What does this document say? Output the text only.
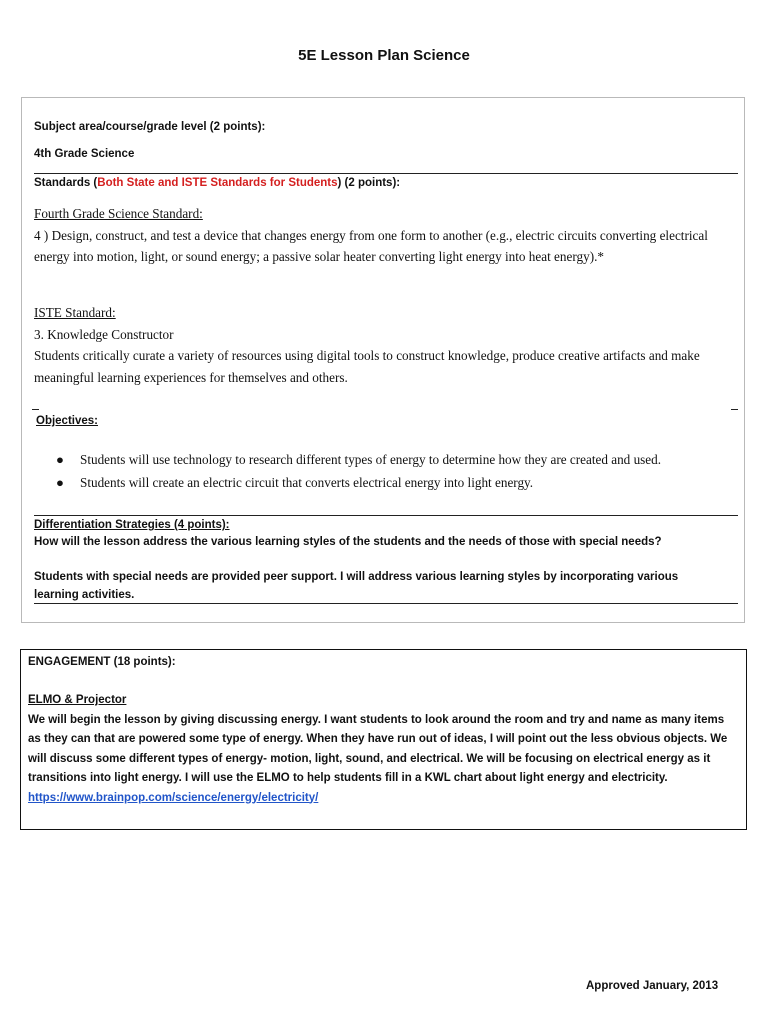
5E Lesson Plan Science
Subject area/course/grade level (2 points):
4th Grade Science
Standards (Both State and ISTE Standards for Students) (2 points):
Fourth Grade Science Standard:
4 ) Design, construct, and test a device that changes energy from one form to another (e.g., electric circuits converting electrical energy into motion, light, or sound energy; a passive solar heater converting light energy into heat energy).*
ISTE Standard:
3. Knowledge Constructor
Students critically curate a variety of resources using digital tools to construct knowledge, produce creative artifacts and make meaningful learning experiences for themselves and others.
Objectives:
● Students will use technology to research different types of energy to determine how they are created and used.
● Students will create an electric circuit that converts electrical energy into light energy.
Differentiation Strategies (4 points):
How will the lesson address the various learning styles of the students and the needs of those with special needs?
Students with special needs are provided peer support. I will address various learning styles by incorporating various learning activities.
ENGAGEMENT (18 points):
ELMO & Projector
We will begin the lesson by giving discussing energy. I want students to look around the room and try and name as many items as they can that are powered some type of energy. When they have run out of ideas, I will point out the less obvious objects. We will discuss some different types of energy- motion, light, sound, and electrical. We will be focusing on electrical energy as it transitions into light energy. I will use the ELMO to help students fill in a KWL chart about light energy and electricity.
https://www.brainpop.com/science/energy/electricity/
Approved January, 2013
